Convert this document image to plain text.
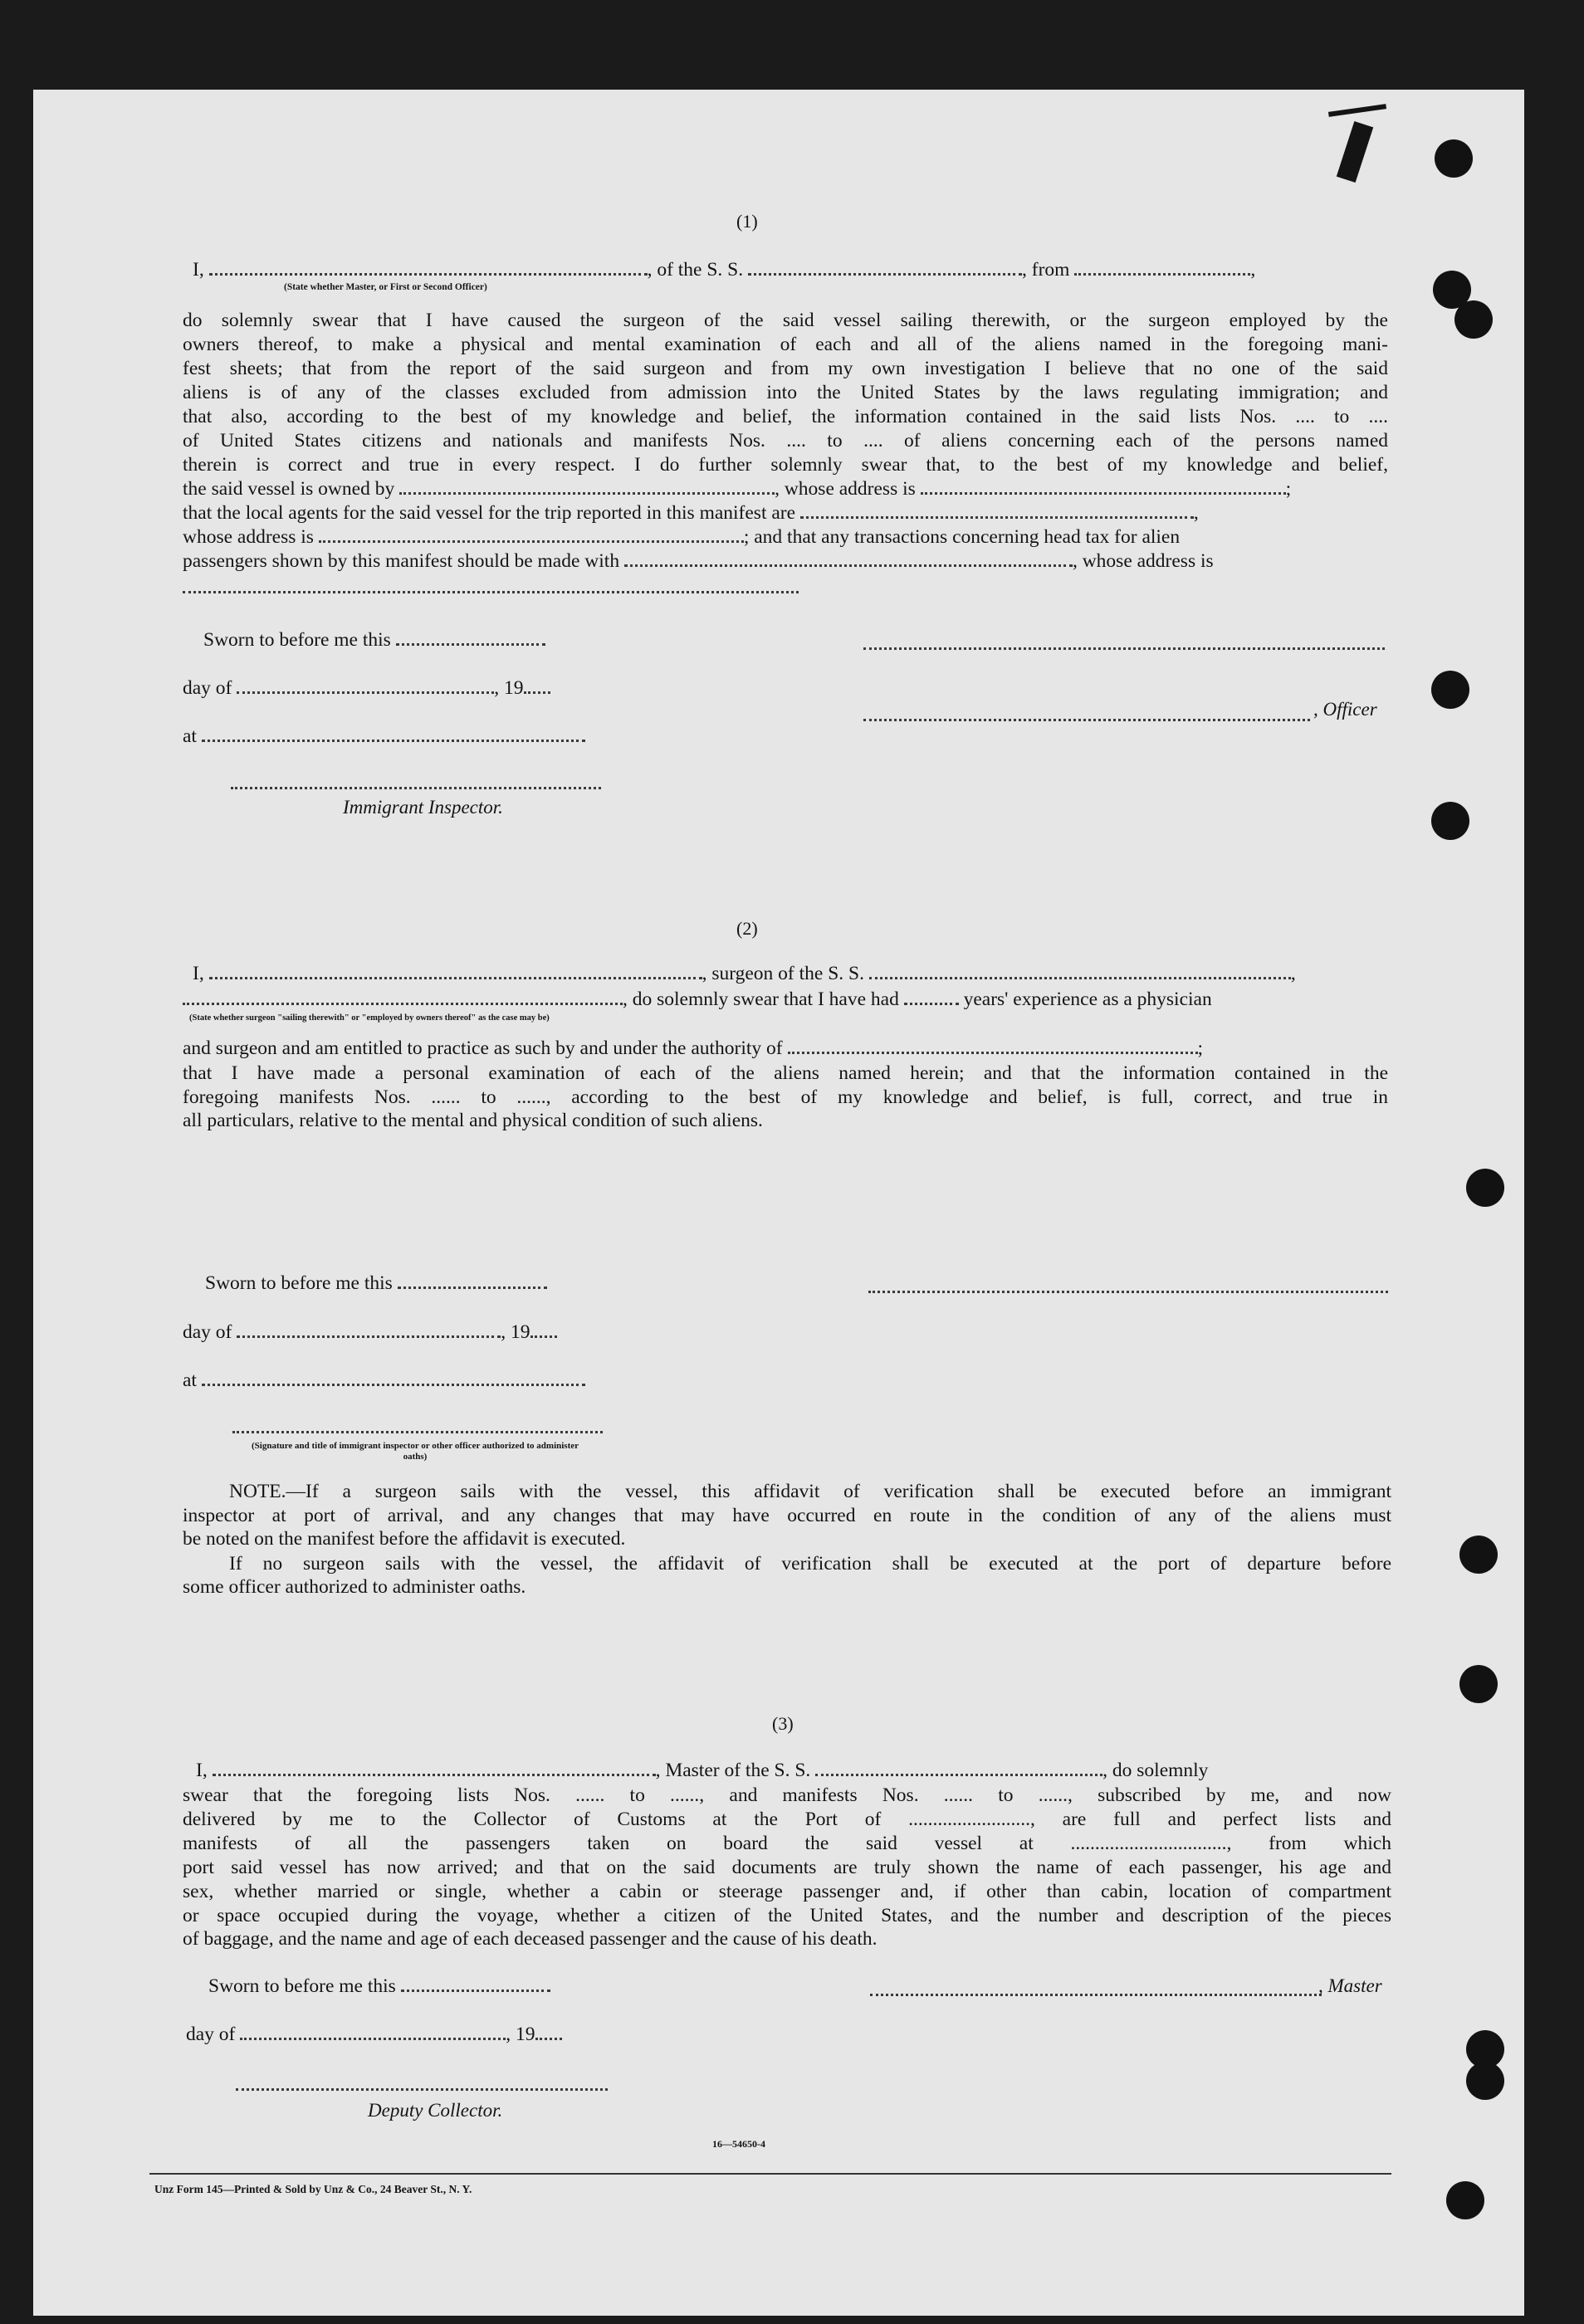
(1)
I,	, of the S. S.	, from	,
(State whether Master, or First or Second Officer)
do solemnly swear that I have caused the surgeon of the said vessel sailing therewith, or the surgeon employed by the
owners thereof, to make a physical and mental examination of each and all of the aliens named in the foregoing mani-
fest sheets; that from the report of the said surgeon and from my own investigation I believe that no one of the said
aliens is of any of the classes excluded from admission into the United States by the laws regulating immigration; and
that also, according to the best of my knowledge and belief, the information contained in the said lists Nos. .... to ....
of United States citizens and nationals and manifests Nos. .... to .... of aliens concerning each of the persons named
therein is correct and true in every respect. I do further solemnly swear that, to the best of my knowledge and belief,
the said vessel is owned by	, whose address is	;
that the local agents for the said vessel for the trip reported in this manifest are	,
whose address is	; and that any transactions concerning head tax for alien
passengers shown by this manifest should be made with	, whose address is
Sworn to before me this
day of	, 19
, Officer
at
Immigrant Inspector.
(2)
I,	, surgeon of the S. S.	,
, do solemnly swear that I have had	years' experience as a physician
(State whether surgeon "sailing therewith" or "employed by owners thereof" as the case may be)
and surgeon and am entitled to practice as such by and under the authority of	;
that I have made a personal examination of each of the aliens named herein; and that the information contained in the
foregoing manifests Nos. ...... to ......, according to the best of my knowledge and belief, is full, correct, and true in
all particulars, relative to the mental and physical condition of such aliens.
Sworn to before me this
day of	, 19
at
(Signature and title of immigrant inspector or other officer authorized to administer oaths)
NOTE.—If a surgeon sails with the vessel, this affidavit of verification shall be executed before an immigrant
inspector at port of arrival, and any changes that may have occurred en route in the condition of any of the aliens must
be noted on the manifest before the affidavit is executed.
If no surgeon sails with the vessel, the affidavit of verification shall be executed at the port of departure before
some officer authorized to administer oaths.
(3)
I,	, Master of the S. S.	, do solemnly
swear that the foregoing lists Nos. ...... to ......, and manifests Nos. ...... to ......, subscribed by me, and now
delivered by me to the Collector of Customs at the Port of ........................., are full and perfect lists and
manifests of all the passengers taken on board the said vessel at ................................, from which
port said vessel has now arrived; and that on the said documents are truly shown the name of each passenger, his age and
sex, whether married or single, whether a cabin or steerage passenger and, if other than cabin, location of compartment
or space occupied during the voyage, whether a citizen of the United States, and the number and description of the pieces
of baggage, and the name and age of each deceased passenger and the cause of his death.
Sworn to before me this	, Master
day of	, 19
Deputy Collector.
16—54650-4
Unz Form 145—Printed & Sold by Unz & Co., 24 Beaver St., N. Y.
